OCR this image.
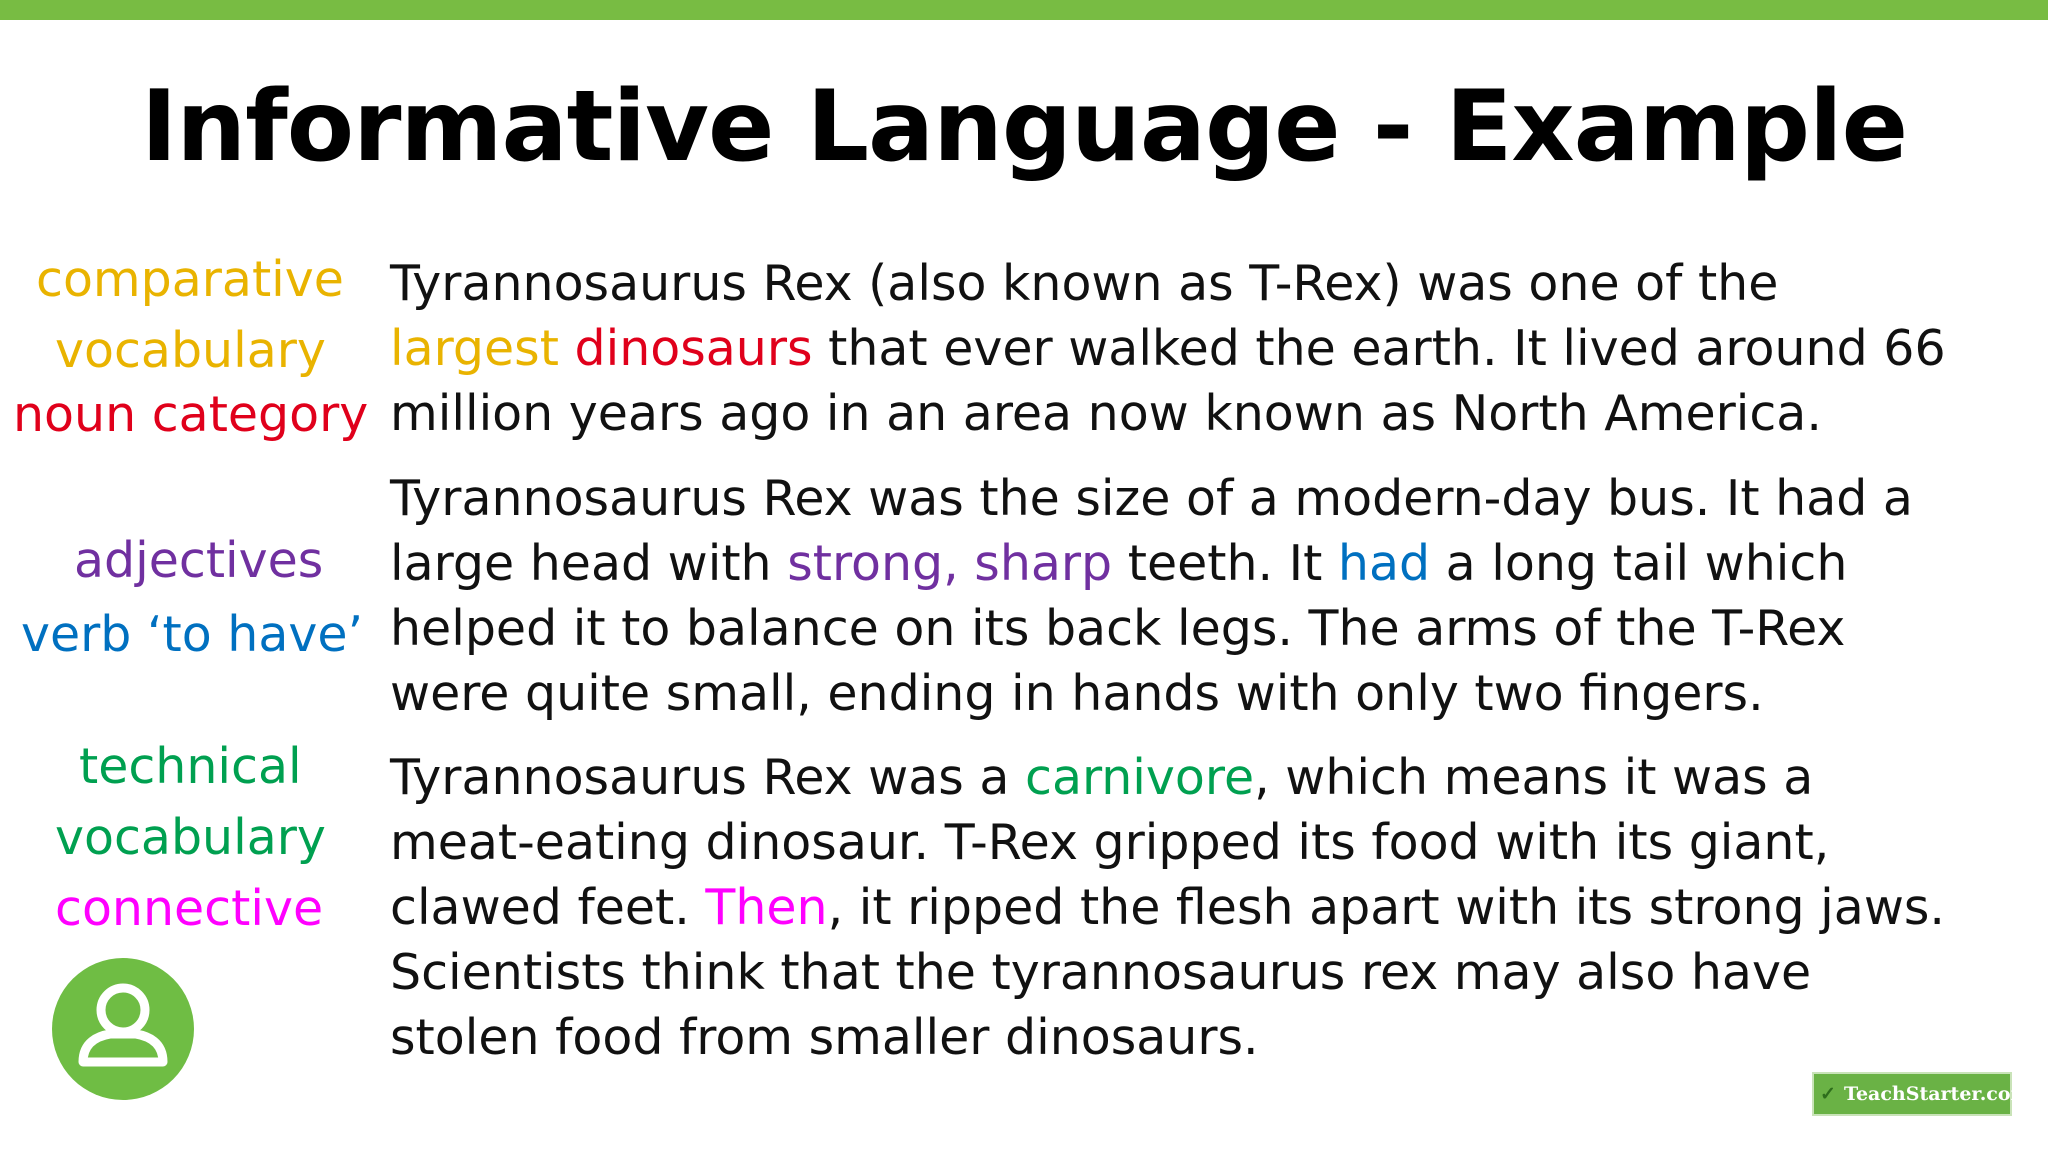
Informative Language - Example
comparative
vocabulary
noun category
adjectives
verb ‘to have’
technical
vocabulary
connective
Tyrannosaurus Rex (also known as T-Rex) was one of the
largest dinosaurs that ever walked the earth. It lived around 66
million years ago in an area now known as North America.
Tyrannosaurus Rex was the size of a modern-day bus. It had a
large head with strong, sharp teeth. It had a long tail which
helped it to balance on its back legs. The arms of the T-Rex
were quite small, ending in hands with only two fingers.
Tyrannosaurus Rex was a carnivore, which means it was a
meat-eating dinosaur. T-Rex gripped its food with its giant,
clawed feet. Then, it ripped the flesh apart with its strong jaws.
Scientists think that the tyrannosaurus rex may also have
stolen food from smaller dinosaurs.
✓ TeachStarter.com
